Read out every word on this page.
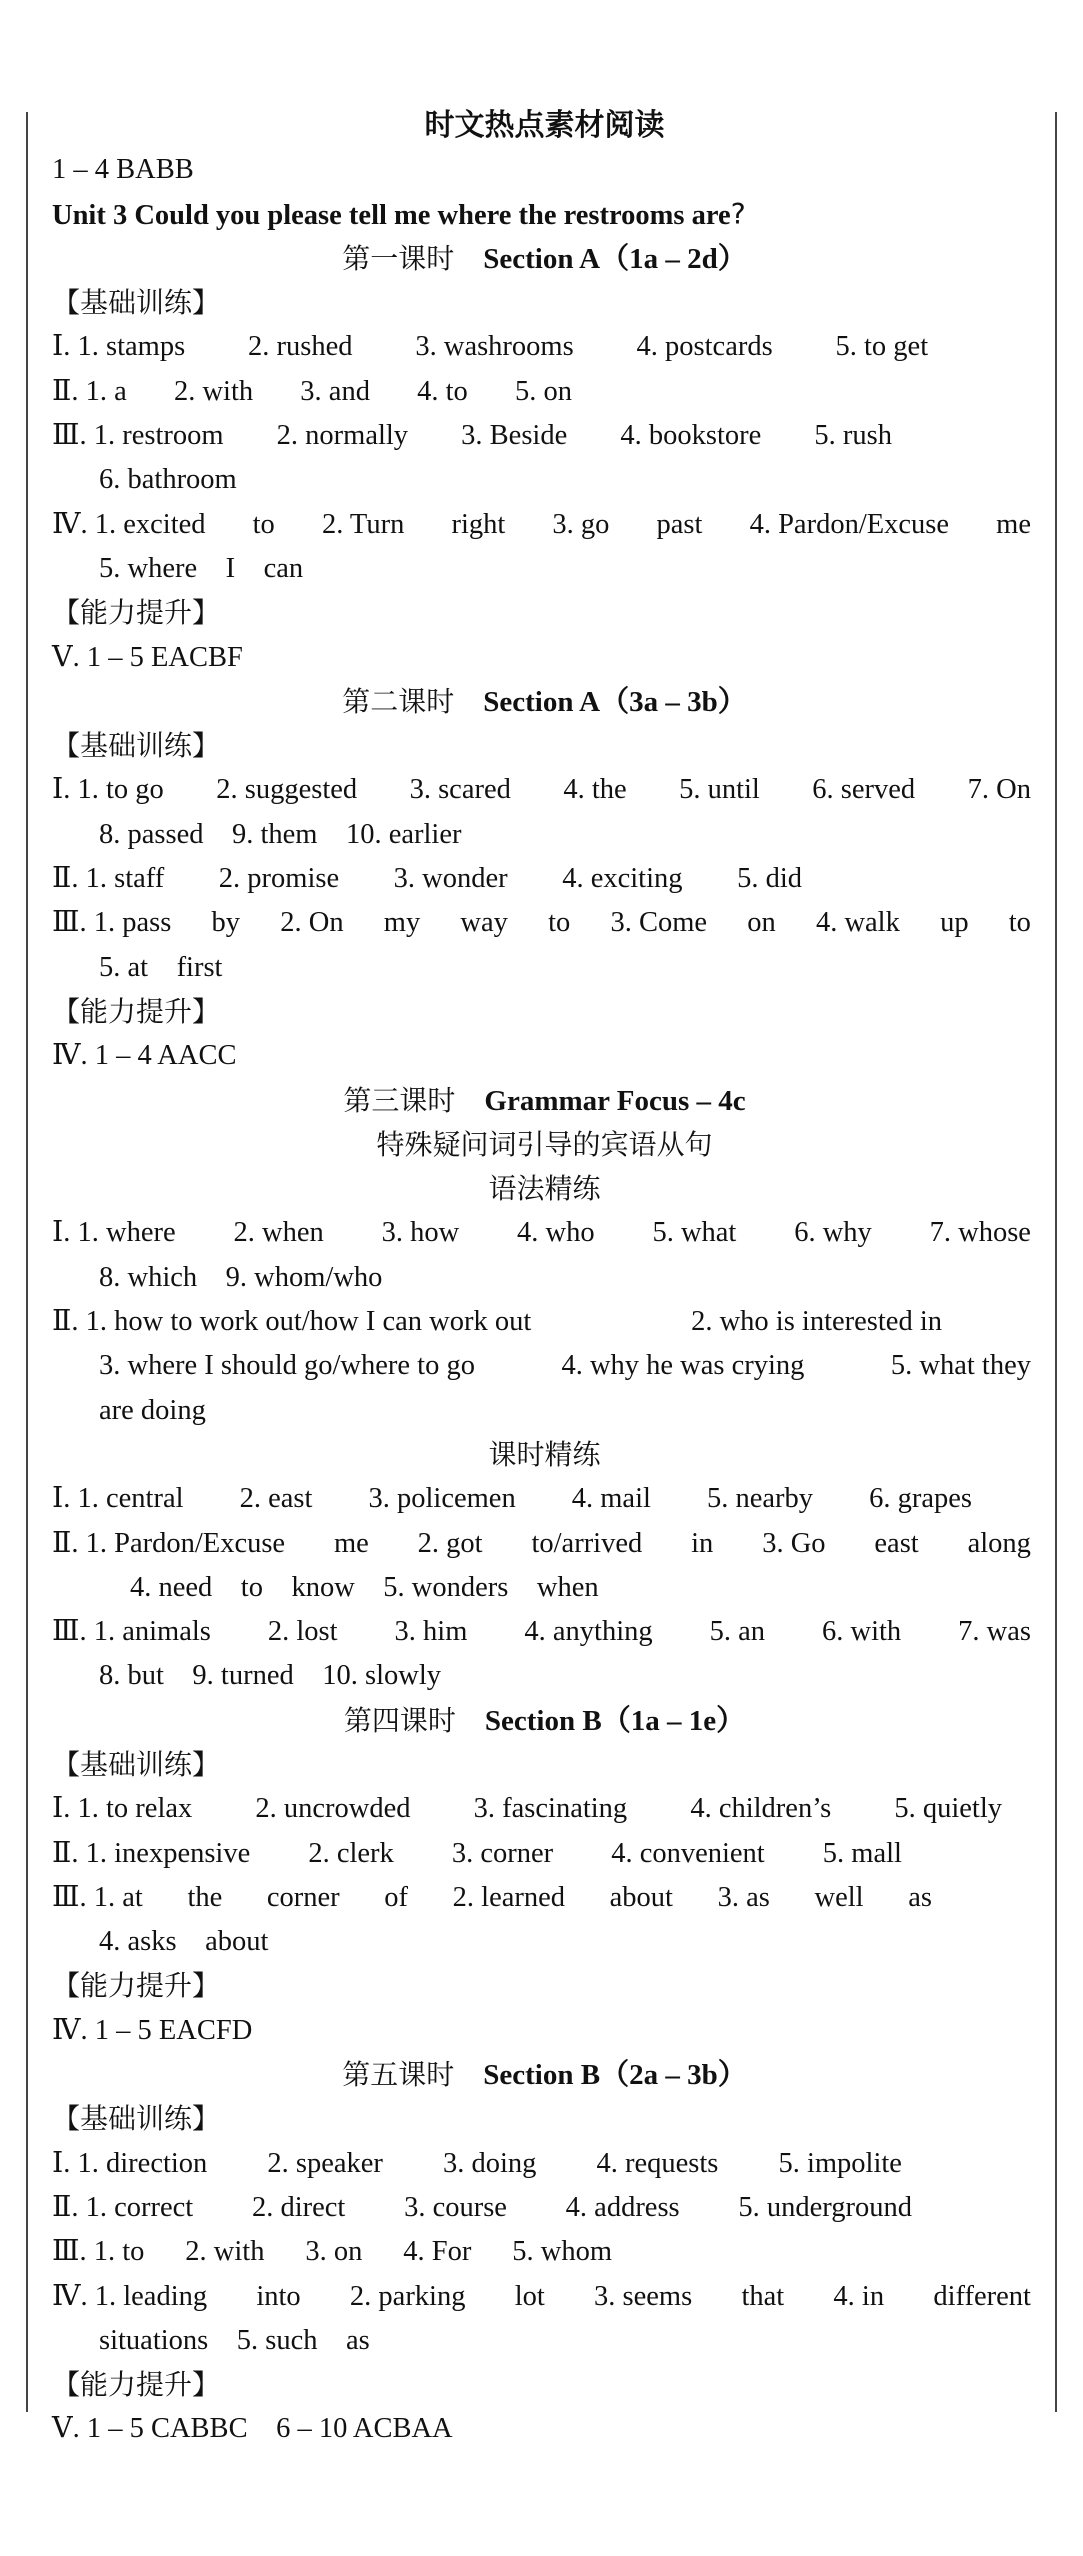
时文热点素材阅读
1 – 4 BABB
Unit 3 Could you please tell me where the restrooms are?
第一课时 Section A（1a – 2d）
【基础训练】
Ⅰ. 1. stamps 2. rushed 3. washrooms 4. postcards 5. to get
Ⅱ. 1. a 2. with 3. and 4. to 5. on
Ⅲ. 1. restroom 2. normally 3. Beside 4. bookstore 5. rush
6. bathroom
Ⅳ. 1. excited to 2. Turn right 3. go past 4. Pardon/Excuse me
5. where    I    can
【能力提升】
Ⅴ. 1 – 5 EACBF
第二课时 Section A（3a – 3b）
【基础训练】
Ⅰ. 1. to go 2. suggested 3. scared 4. the 5. until 6. served 7. On
8. passed    9. them    10. earlier
Ⅱ. 1. staff 2. promise 3. wonder 4. exciting 5. did
Ⅲ. 1. pass by 2. On my way to 3. Come on 4. walk up to
5. at    first
【能力提升】
Ⅳ. 1 – 4 AACC
第三课时 Grammar Focus – 4c
特殊疑问词引导的宾语从句
语法精练
Ⅰ. 1. where 2. when 3. how 4. who 5. what 6. why 7. whose
8. which    9. whom/who
Ⅱ. 1. how to work out/how I can work out	2. who is interested in
3. where I should go/where to go	4. why he was crying	5. what they
are doing
课时精练
Ⅰ. 1. central 2. east 3. policemen 4. mail 5. nearby 6. grapes
Ⅱ. 1. Pardon/Excuse me 2. got to/arrived in 3. Go east along
4. need    to    know    5. wonders    when
Ⅲ. 1. animals 2. lost 3. him 4. anything 5. an 6. with 7. was
8. but    9. turned    10. slowly
第四课时 Section B（1a – 1e）
【基础训练】
Ⅰ. 1. to relax 2. uncrowded 3. fascinating 4. children’s 5. quietly
Ⅱ. 1. inexpensive 2. clerk 3. corner 4. convenient 5. mall
Ⅲ. 1. at the corner of 2. learned about 3. as well as
4. asks    about
【能力提升】
Ⅳ. 1 – 5 EACFD
第五课时 Section B（2a – 3b）
【基础训练】
Ⅰ. 1. direction 2. speaker 3. doing 4. requests 5. impolite
Ⅱ. 1. correct 2. direct 3. course 4. address 5. underground
Ⅲ. 1. to 2. with 3. on 4. For 5. whom
Ⅳ. 1. leading into 2. parking lot 3. seems that 4. in different
situations    5. such    as
【能力提升】
Ⅴ. 1 – 5 CABBC    6 – 10 ACBAA
